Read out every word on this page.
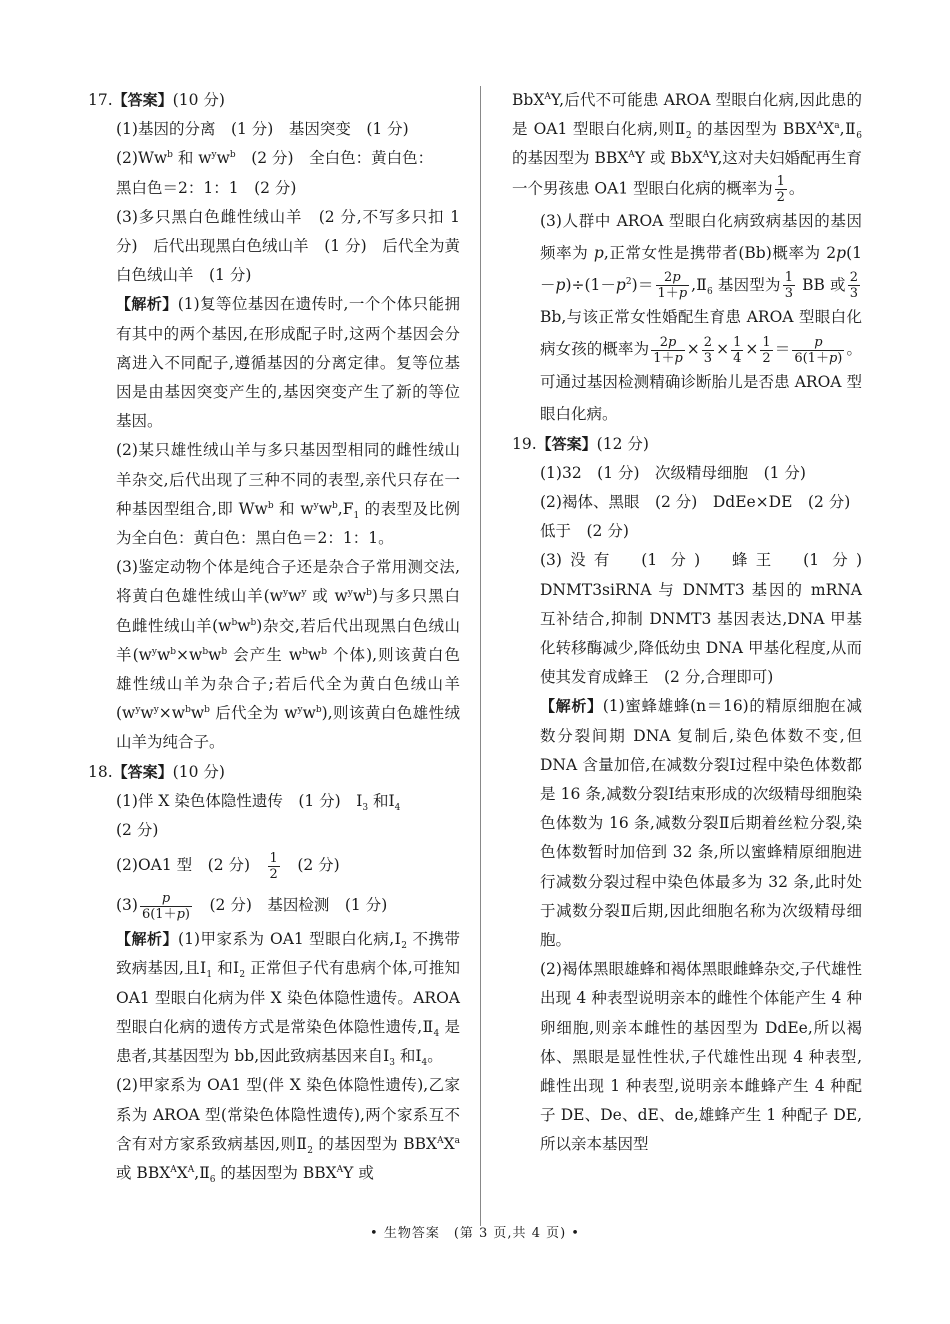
17.【答案】(10 分)

(1)基因的分离　(1 分)　基因突变　(1 分)

(2)Ww$^b$ 和 $w^yw^b$　(2 分)　全白色：黄白色：
黑白色＝2：1：1　(2 分)

(3)多只黑白色雌性绒山羊　(2 分,不写多只扣 1 分)　后代出现黑白色绒山羊　(1 分)　后代全为黄白色绒山羊　(1 分)

【解析】(1)复等位基因在遗传时,一个个体只能拥有其中的两个基因,在形成配子时,这两个基因会分离进入不同配子,遵循基因的分离定律。复等位基因是由基因突变产生的,基因突变产生了新的等位基因。

(2)某只雄性绒山羊与多只基因型相同的雌性绒山羊杂交,后代出现了三种不同的表型,亲代只存在一种基因型组合,即 Ww$^b$ 和 $w^yw^b,F_1$ 的表型及比例为全白色：黄白色：黑白色＝2：1：1。

(3)鉴定动物个体是纯合子还是杂合子常用测交法,将黄白色雄性绒山羊($w^yw^y$ 或 $w^yw^b$)与多只黑白色雌性绒山羊$(w^bw^b)$杂交,若后代出现黑白色绒山羊($w^yw^b\times w^bw^b$ 会产生 $w^bw^b$ 个体),则该黄白色雄性绒山羊为杂合子;若后代全为黄白色绒山羊($w^yw^y\times w^bw^b$ 后代全为 $w^yw^b$),则该黄白色雄性绒山羊为纯合子。

18.【答案】(10 分)

(1)伴 X 染色体隐性遗传　(1 分)　$Ⅰ_3$ 和$Ⅰ_4$
(2 分)

(2)OA1 型　(2 分)　 $\frac{1}{2}$ 　(2 分)

$(3) \frac{p}{6(1+p)}$ 　(2 分)　基因检测　(1 分)

【解析】(1)甲家系为 OA1 型眼白化病$,Ⅰ_2$ 不携带致病基因,且$Ⅰ_1$ 和$Ⅰ_2$ 正常但子代有患病个体,可推知 OA1 型眼白化病为伴 X 染色体隐性遗传。AROA 型眼白化病的遗传方式是常染色体隐性遗传$,Ⅱ_4$ 是患者,其基因型为 bb,因此致病基因来自$Ⅰ_3$ 和$Ⅰ_4$。

(2)甲家系为 OA1 型(伴 X 染色体隐性遗传),乙家系为 AROA 型(常染色体隐性遗传),两个家系互不含有对方家系致病基因,则$Ⅱ_2$ 的基因型为 $BBX^AX^a$ 或 $BBX^AX^A,Ⅱ_6$ 的基因型为 $BBX^AY$ 或

BbX$^A$Y,后代不可能患 AROA 型眼白化病,因此患的是 OA1 型眼白化病,则$Ⅱ_2$ 的基因型为 $BBX^AX^a,Ⅱ_6$ 的基因型为 $BBX^AY$ 或 BbX$^A$Y,这对夫妇婚配再生育一个男孩患 OA1 型眼白化病的概率为 $\frac{1}{2}$ 。

(3)人群中 AROA 型眼白化病致病基因的基因频率为 p,正常女性是携带者(Bb)概率为 $2p(1-p)\div(1-p^2)= \frac{2p}{1+p}$ $,Ⅱ_6$ 基因型为 $\frac{1}{3}$ BB 或 $\frac{2}{3}$
Bb,与该正常女性婚配生育患 AROA 型眼白化病女孩的概率为 $\frac{2p}{1+p} \times \frac{2}{3} \times \frac{1}{4} \times \frac{1}{2} = \frac{p}{6(1+p)}$ 。可通过基因检测精确诊断胎儿是否患 AROA 型眼白化病。

19.【答案】(12 分)

(1)32　(1 分)　次级精母细胞　(1 分)

(2)褐体、黑眼　(2 分)　DdEe×DE　(2 分)
低于　(2 分)

(3)没有　(1 分)　蜂王　(1 分)　DNMT3siRNA 与 DNMT3 基因的 mRNA 互补结合,抑制 DNMT3 基因表达,DNA 甲基化转移酶减少,降低幼虫 DNA 甲基化程度,从而使其发育成蜂王　(2 分,合理即可)

【解析】(1)蜜蜂雄蜂(n＝16)的精原细胞在减数分裂间期 DNA 复制后,染色体数不变,但 DNA 含量加倍,在减数分裂Ⅰ过程中染色体数都是 16 条,减数分裂Ⅰ结束形成的次级精母细胞染色体数为 16 条,减数分裂Ⅱ后期着丝粒分裂,染色体数暂时加倍到 32 条,所以蜜蜂精原细胞进行减数分裂过程中染色体最多为 32 条,此时处于减数分裂Ⅱ后期,因此细胞名称为次级精母细胞。

(2)褐体黑眼雄蜂和褐体黑眼雌蜂杂交,子代雄性出现 4 种表型说明亲本的雌性个体能产生 4 种卵细胞,则亲本雌性的基因型为 DdEe,所以褐体、黑眼是显性性状,子代雄性出现 4 种表型,雌性出现 1 种表型,说明亲本雌蜂产生 4 种配子 DE、De、dE、de,雄蜂产生 1 种配子 DE,所以亲本基因型

• 生物答案　(第 3 页,共 4 页) •
